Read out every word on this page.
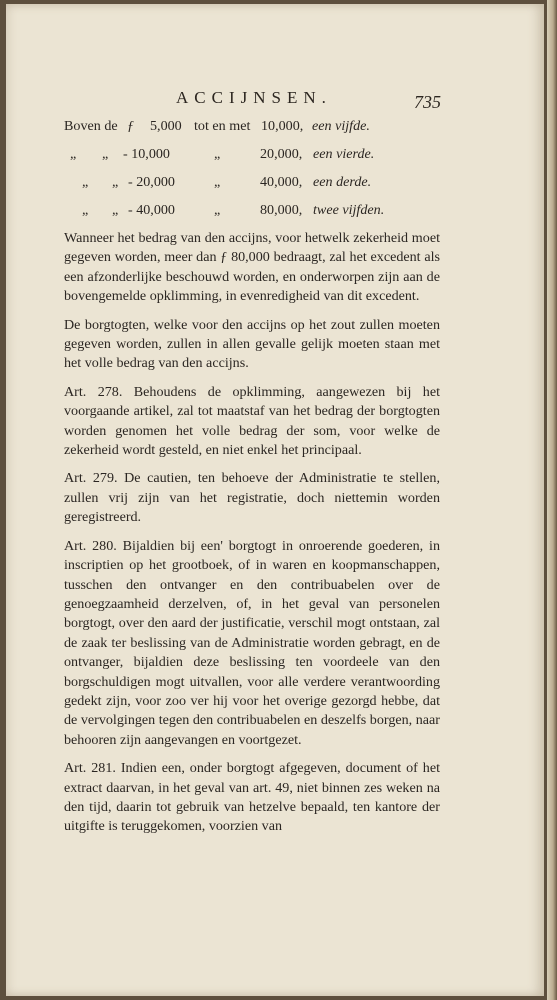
ACCIJNSEN.	735
Boven de ƒ 5,000 tot en met 10,000, een vijfde.
„ „ - 10,000	„	20,000, een vierde.
„ „ - 20,000	„	40,000, een derde.
„ „ - 40,000	„	80,000, twee vijfden.

Wanneer het bedrag van den accijns, voor hetwelk zekerheid moet gegeven worden, meer dan ƒ 80,000 bedraagt, zal het excedent als een afzonderlijke beschouwd worden, en onderworpen zijn aan de bovengemelde opklimming, in evenredigheid van dit excedent.

De borgtogten, welke voor den accijns op het zout zullen moeten gegeven worden, zullen in allen gevalle gelijk moeten staan met het volle bedrag van den accijns.

Art. 278. Behoudens de opklimming, aangewezen bij het voorgaande artikel, zal tot maatstaf van het bedrag der borgtogten worden genomen het volle bedrag der som, voor welke de zekerheid wordt gesteld, en niet enkel het principaal.

Art. 279. De cautien, ten behoeve der Administratie te stellen, zullen vrij zijn van het registratie, doch niettemin worden geregistreerd.

Art. 280. Bijaldien bij een' borgtogt in onroerende goederen, in inscriptien op het grootboek, of in waren en koopmanschappen, tusschen den ontvanger en den contribuabelen over de genoegzaamheid derzelven, of, in het geval van personelen borgtogt, over den aard der justificatie, verschil mogt ontstaan, zal de zaak ter beslissing van de Administratie worden gebragt, en de ontvanger, bijaldien deze beslissing ten voordeele van den borgschuldigen mogt uitvallen, voor alle verdere verantwoording gedekt zijn, voor zoo ver hij voor het overige gezorgd hebbe, dat de vervolgingen tegen den contribuabelen en deszelfs borgen, naar behooren zijn aangevangen en voortgezet.

Art. 281. Indien een, onder borgtogt afgegeven, document of het extract daarvan, in het geval van art. 49, niet binnen zes weken na den tijd, daarin tot gebruik van hetzelve bepaald, ten kantore der uitgifte is teruggekomen, voorzien van
